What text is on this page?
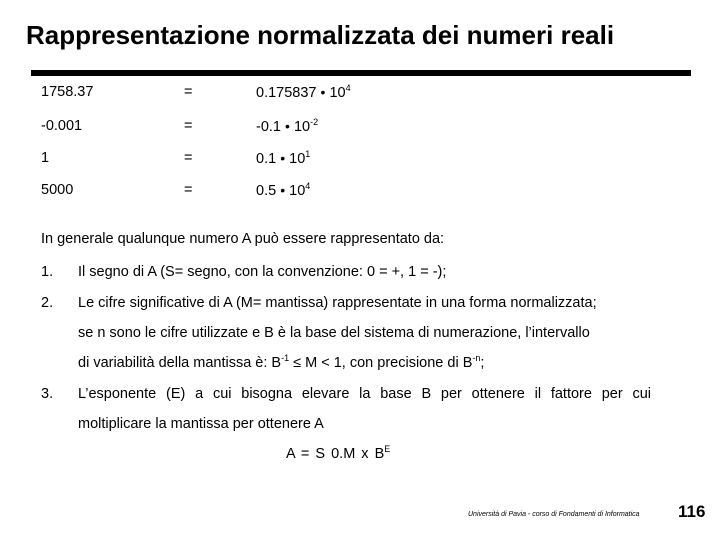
Rappresentazione normalizzata dei numeri reali
1758.37	=	0.175837 • $10^4$
-0.001	=	-0.1 • $10^{-2}$
1	=	0.1 • $10^1$
5000	=	0.5 • $10^4$
In generale qualunque numero A può essere rappresentato da:
1. Il segno di A (S= segno, con la convenzione: 0 = +, 1 = -);
2. Le cifre significative di A (M= mantissa) rappresentate in una forma normalizzata;
se n sono le cifre utilizzate e B è la base del sistema di numerazione, l’intervallo
di variabilità della mantissa è: $B^{-1} \le M < 1$, con precisione di $B^{-n}$;
3. L’esponente (E) a cui bisogna elevare la base B per ottenere il fattore per cui
moltiplicare la mantissa per ottenere A
A = S 0.M x $B^E$
Università di Pavia - corso di Fondamenti di Informatica 116
